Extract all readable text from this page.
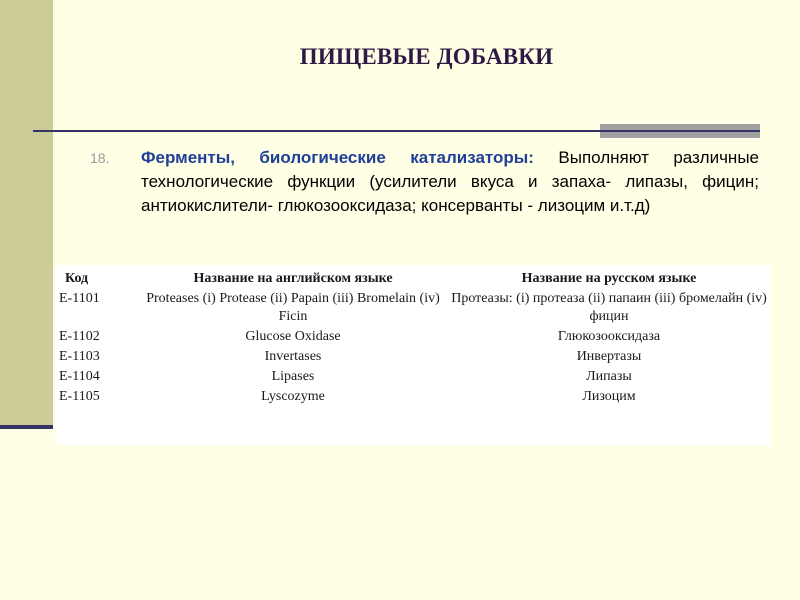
ПИЩЕВЫЕ ДОБАВКИ
18. Ферменты, биологические катализаторы: Выполняют различные технологические функции (усилители вкуса и запаха- липазы, фицин; антиокислители- глюкозооксидаза; консерванты - лизоцим и.т.д)
Код	Название на английском языке	Название на русском языке
Е-1101	Proteases (i) Protease (ii) Papain (iii) Bromelain (iv) Ficin	Протеазы: (i) протеаза (ii) папаин (iii) бромелайн (iv) фицин
Е-1102	Glucose Oxidase	Глюкозооксидаза
Е-1103	Invertases	Инвертазы
Е-1104	Lipases	Липазы
Е-1105	Lyscozyme	Лизоцим
